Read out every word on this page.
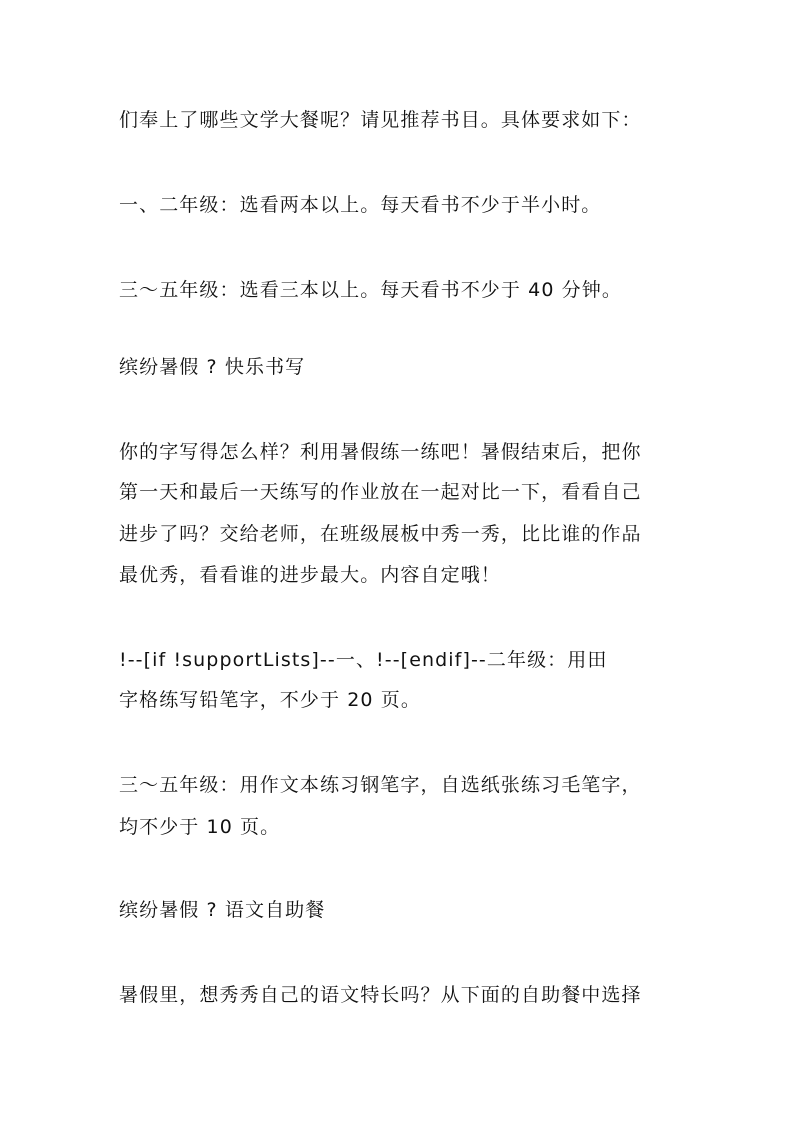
们奉上了哪些文学大餐呢？请见推荐书目。具体要求如下：
一、二年级：选看两本以上。每天看书不少于半小时。
三～五年级：选看三本以上。每天看书不少于 40 分钟。
缤纷暑假 ? 快乐书写
你的字写得怎么样？利用暑假练一练吧！暑假结束后，把你
第一天和最后一天练写的作业放在一起对比一下，看看自己
进步了吗？交给老师，在班级展板中秀一秀，比比谁的作品
最优秀，看看谁的进步最大。内容自定哦！
!--[if !supportLists]--一、!--[endif]--二年级：用田
字格练写铅笔字，不少于 20 页。
三～五年级：用作文本练习钢笔字，自选纸张练习毛笔字，
均不少于 10 页。
缤纷暑假 ? 语文自助餐
暑假里，想秀秀自己的语文特长吗？从下面的自助餐中选择
